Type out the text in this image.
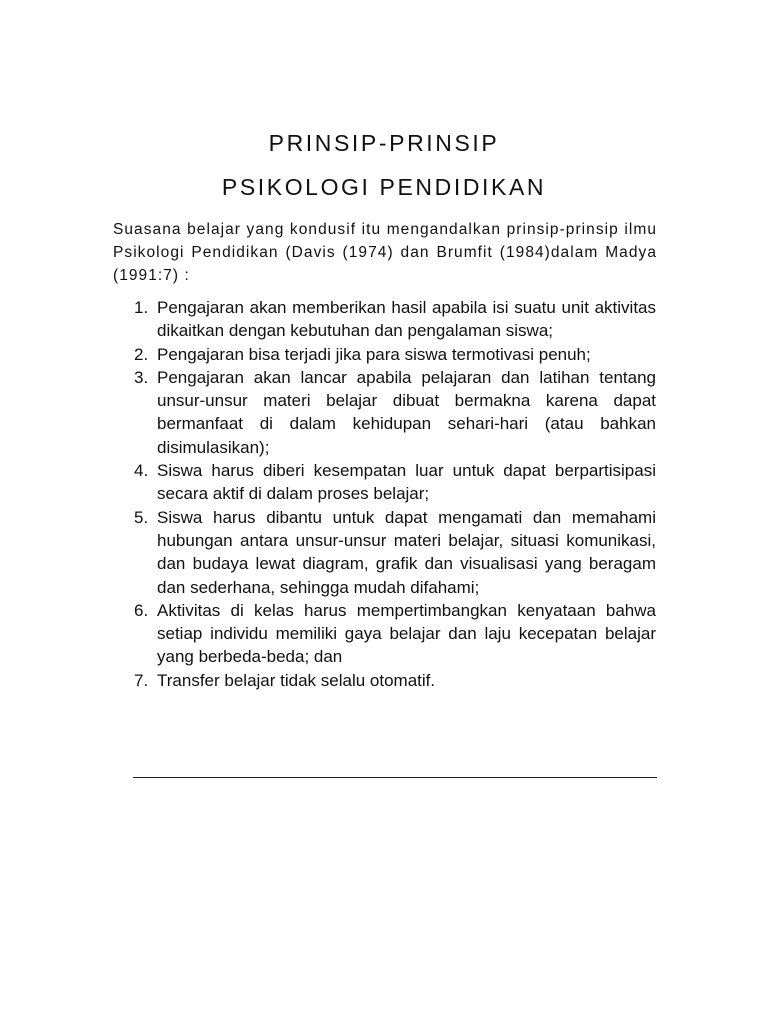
PRINSIP-PRINSIP
PSIKOLOGI PENDIDIKAN
Suasana belajar yang kondusif itu mengandalkan prinsip-prinsip ilmu Psikologi Pendidikan (Davis (1974) dan Brumfit (1984)dalam Madya (1991:7) :
1. Pengajaran akan memberikan hasil apabila isi suatu unit aktivitas dikaitkan dengan kebutuhan dan pengalaman siswa;
2. Pengajaran bisa terjadi jika para siswa termotivasi penuh;
3. Pengajaran akan lancar apabila pelajaran dan latihan tentang unsur-unsur materi belajar dibuat bermakna karena dapat bermanfaat di dalam kehidupan sehari-hari (atau bahkan disimulasikan);
4. Siswa harus diberi kesempatan luar untuk dapat berpartisipasi secara aktif di dalam proses belajar;
5. Siswa harus dibantu untuk dapat mengamati dan memahami hubungan antara unsur-unsur materi belajar, situasi komunikasi, dan budaya lewat diagram, grafik dan visualisasi yang beragam dan sederhana, sehingga mudah difahami;
6. Aktivitas di kelas harus mempertimbangkan kenyataan bahwa setiap individu memiliki gaya belajar dan laju kecepatan belajar yang berbeda-beda; dan
7. Transfer belajar tidak selalu otomatif.
